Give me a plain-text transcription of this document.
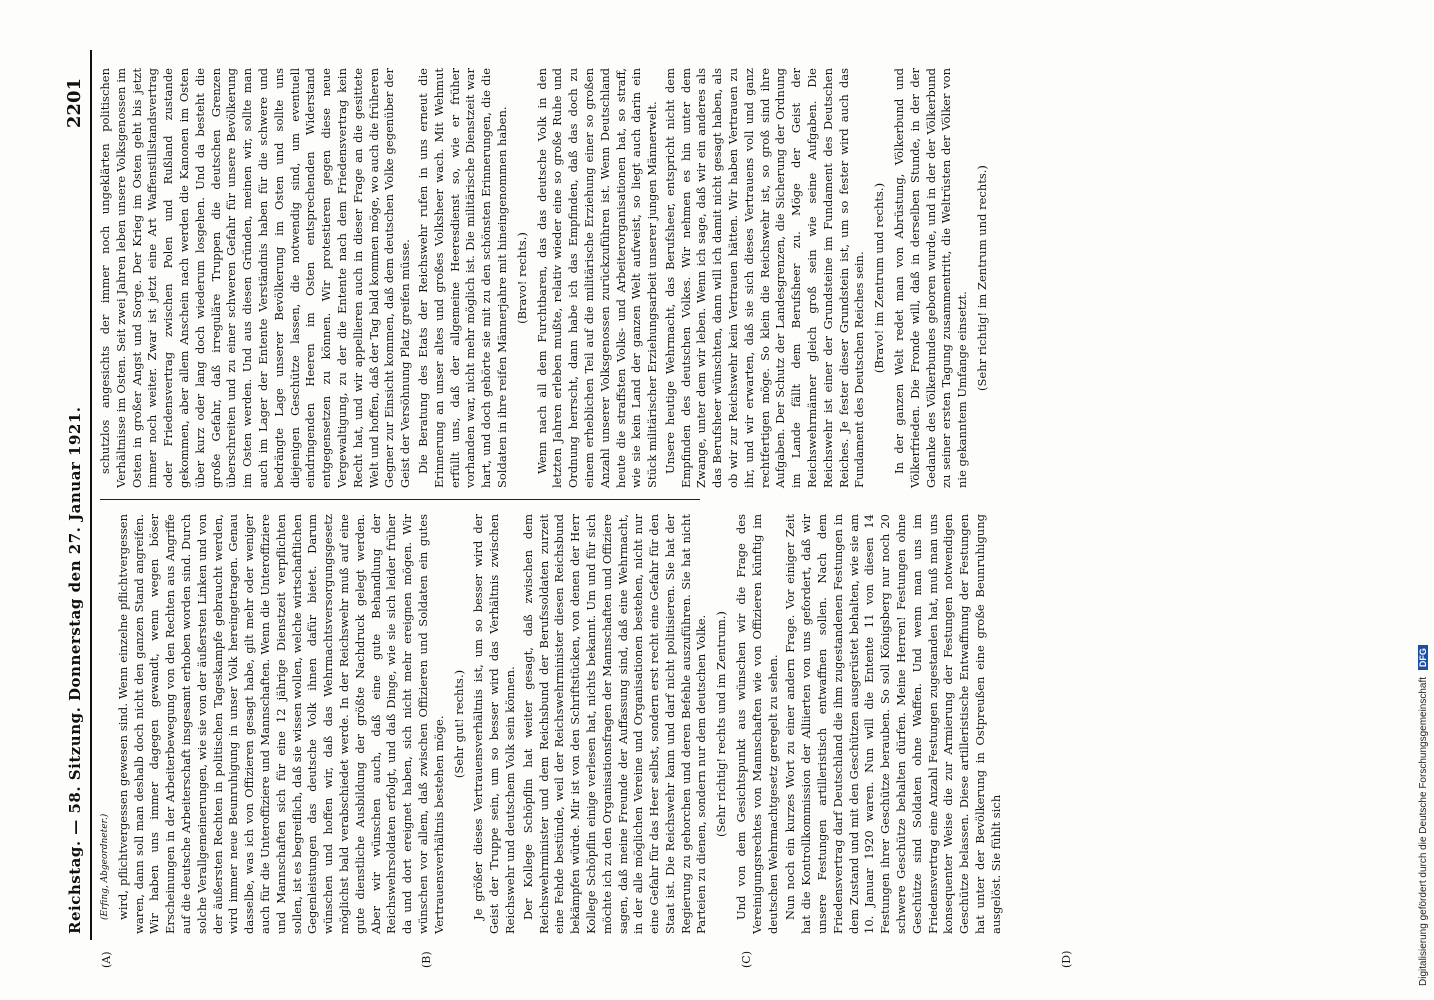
Reichstag. — 58. Sitzung. Donnerstag den 27. Januar 1921.
2201

(Erfing, Abgeordneter.) wird, pflichtvergessen gewesen sind. Wenn einzelne pflichtvergessen waren, dann soll man deshalb doch nicht den ganzen Stand angreifen. Wir haben uns immer dagegen gewandt, wenn wegen böser Erscheinungen in der Arbeiterbewegung von den Rechten aus Angriffe auf die deutsche Arbeiterschaft insgesamt erhoben worden sind. Durch solche Verallgemeinerungen, wie sie von der äußersten Linken und von der äußersten Rechten in politischen Tageskampfe gebraucht werden, wird immer neue Beunruhigung in unser Volk hereingetragen. Genau dasselbe, was ich von Offizieren gesagt habe, gilt mehr oder weniger auch für die Unteroffiziere und Mannschaften. Wenn die Unteroffiziere und Mannschaften sich für eine 12 jährige Dienstzeit verpflichten sollen, ist es begreiflich, daß sie wissen wollen, welche wirtschaftlichen Gegenleistungen das deutsche Volk ihnen dafür bietet. Darum wünschen und hoffen wir, daß das Wehrmachtsversorgungsgesetz möglichst bald verabschiedet werde. In der Reichswehr muß auf eine gute dienstliche Ausbildung der größte Nachdruck gelegt werden. Aber wir wünschen auch, daß eine gute Behandlung der Reichswehrsoldaten erfolgt, und daß Dinge, wie sie sich leider früher da und dort ereignet haben, sich nicht mehr ereignen mögen. Wir wünschen vor allem, daß zwischen Offizieren und Soldaten ein gutes Vertrauensverhältnis bestehen möge. (Sehr gut! rechts.) Je größer dieses Vertrauensverhältnis ist, um so besser wird der Geist der Truppe sein, um so besser wird das Verhältnis zwischen Reichswehr und deutschem Volk sein können. Der Kollege Schöpflin hat weiter gesagt, daß zwischen dem Reichswehrminister und dem Reichsbund der Berufssoldaten zurzeit eine Fehde bestünde, weil der Reichswehrminister diesen Reichsbund bekämpfen würde. Mir ist von den Schriftstücken, von denen der Herr Kollege Schöpflin einige verlesen hat, nichts bekannt. Um und für sich möchte ich zu den Organisationsfragen der Mannschaften und Offiziere sagen, daß meine Freunde der Auffassung sind, daß eine Wehrmacht, in der alle möglichen Vereine und Organisationen bestehen, nicht nur eine Gefahr für das Heer selbst, sondern erst recht eine Gefahr für den Staat ist. Die Reichswehr kann und darf nicht politisieren. Sie hat der Regierung zu gehorchen und deren Befehle auszuführen. Sie hat nicht Parteien zu dienen, sondern nur dem deutschen Volke. (Sehr richtig! rechts und im Zentrum.) Und von dem Gesichtspunkt aus wünschen wir die Frage des Vereinigungsrechtes von Mannschaften wie von Offizieren künftig im deutschen Wehrmachtgesetz geregelt zu sehen. Nun noch ein kurzes Wort zu einer andern Frage. Vor einiger Zeit hat die Kontrollkommission der Alliierten von uns gefordert, daß wir unsere Festungen artilleristisch entwaffnen sollen. Nach dem Friedensvertrag darf Deutschland die ihm zugestandenen Festungen in dem Zustand und mit den Geschützen ausgerüstet behalten, wie sie am 10. Januar 1920 waren. Nun will die Entente 11 von diesen 14 Festungen ihrer Geschütze berauben. So soll Königsberg nur noch 20 schwere Geschütze behalten dürfen. Meine Herren! Festungen ohne Geschütze sind Soldaten ohne Waffen. Und wenn man uns im Friedensvertrag eine Anzahl Festungen zugestanden hat, muß man uns konsequenter Weise die zur Armierung der Festungen notwendigen Geschütze belassen. Diese artilleristische Entwaffnung der Festungen hat unter der Bevölkerung in Ostpreußen eine große Beunruhigung ausgelöst. Sie fühlt sich

schutzlos angesichts der immer noch ungeklärten politischen Verhältnisse im Osten. Seit zwei Jahren leben unsere Volksgenossen im Osten in großer Angst und Sorge. Der Krieg im Osten geht bis jetzt immer noch weiter. Zwar ist jetzt eine Art Waffenstillstandsvertrag oder Friedensvertrag zwischen Polen und Rußland zustande gekommen, aber allem Anschein nach werden die Kanonen im Osten über kurz oder lang doch wiederum losgehen. Und da besteht die große Gefahr, daß irreguläre Truppen die deutschen Grenzen überschreiten und zu einer schweren Gefahr für unsere Bevölkerung im Osten werden. Und aus diesen Gründen, meinen wir, sollte man auch im Lager der Entente Verständnis haben für die schwere und bedrängte Lage unserer Bevölkerung im Osten und sollte uns diejenigen Geschütze lassen, die notwendig sind, um eventuell eindringenden Heeren im Osten entsprechenden Widerstand entgegensetzen zu können. Wir protestieren gegen diese neue Vergewaltigung, zu der die Entente nach dem Friedensvertrag kein Recht hat, und wir appellieren auch in dieser Frage an die gesittete Welt und hoffen, daß der Tag bald kommen möge, wo auch die früheren Gegner zur Einsicht kommen, daß dem deutschen Volke gegenüber der Geist der Versöhnung Platz greifen müsse. Die Beratung des Etats der Reichswehr rufen in uns erneut die Erinnerung an unser altes und großes Volksheer wach. Mit Wehmut erfüllt uns, daß der allgemeine Heeresdienst so, wie er früher vorhanden war, nicht mehr möglich ist. Die militärische Dienstzeit war hart, und doch gehörte sie mit zu den schönsten Erinnerungen, die die Soldaten in ihre reifen Männerjahre mit hineingenommen haben. (Bravo! rechts.) Wenn nach all dem Furchtbaren, das das deutsche Volk in den letzten Jahren erleben mußte, relativ wieder eine so große Ruhe und Ordnung herrscht, dann habe ich das Empfinden, daß das doch zu einem erheblichen Teil auf die militärische Erziehung einer so großen Anzahl unserer Volksgenossen zurückzuführen ist. Wenn Deutschland heute die straffsten Volks- und Arbeiterorganisationen hat, so straff, wie sie kein Land der ganzen Welt aufweist, so liegt auch darin ein Stück militärischer Erziehungsarbeit unserer jungen Männerwelt. Unsere heutige Wehrmacht, das Berufsheer, entspricht nicht dem Empfinden des deutschen Volkes. Wir nehmen es hin unter dem Zwange, unter dem wir leben. Wenn ich sage, daß wir ein anderes als das Berufsheer wünschten, dann will ich damit nicht gesagt haben, als ob wir zur Reichswehr kein Vertrauen hätten. Wir haben Vertrauen zu ihr, und wir erwarten, daß sie sich dieses Vertrauens voll und ganz rechtfertigen möge. So klein die Reichswehr ist, so groß sind ihre Aufgaben. Der Schutz der Landesgrenzen, die Sicherung der Ordnung im Lande fällt dem Berufsheer zu. Möge der Geist der Reichswehrmänner gleich groß sein wie seine Aufgaben. Die Reichswehr ist einer der Grundsteine im Fundament des Deutschen Reiches. Je fester dieser Grundstein ist, um so fester wird auch das Fundament des Deutschen Reiches sein. (Bravo! im Zentrum und rechts.) In der ganzen Welt redet man von Abrüstung, Völkerbund und Völkerfrieden. Die Fronde will, daß in derselben Stunde, in der der Gedanke des Völkerbundes geboren wurde, und in der der Völkerbund zu seiner ersten Tagung zusammentritt, die Weltrüsten der Völker von nie gekanntem Umfange einsetzt. (Sehr richtig! im Zentrum und rechts.)

(A)	(B)	(C)	(D)	Digitalisierung gefördert durch die Deutsche Forschungsgemeinschaft DFG
